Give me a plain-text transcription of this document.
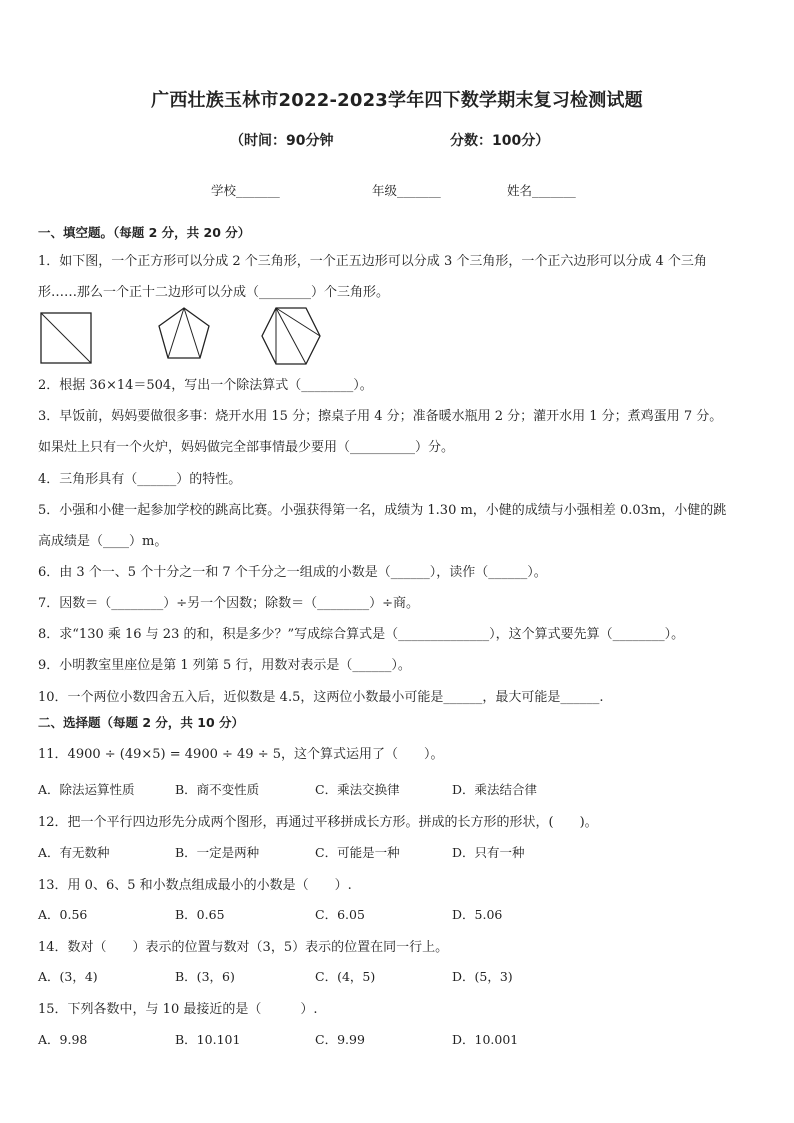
广西壮族玉林市2022-2023学年四下数学期末复习检测试题
（时间：90分钟	分数：100分）
学校_______	年级_______	姓名_______
一、填空题。（每题 2 分，共 20 分）
1．如下图，一个正方形可以分成 2 个三角形，一个正五边形可以分成 3 个三角形，一个正六边形可以分成 4 个三角
形……那么一个正十二边形可以分成（________）个三角形。
2．根据 36×14＝504，写出一个除法算式（________）。
3．早饭前，妈妈要做很多事：烧开水用 15 分；擦桌子用 4 分；准备暖水瓶用 2 分；灌开水用 1 分；煮鸡蛋用 7 分。
如果灶上只有一个火炉，妈妈做完全部事情最少要用（__________）分。
4．三角形具有（______）的特性。
5．小强和小健一起参加学校的跳高比赛。小强获得第一名，成绩为 1.30 m，小健的成绩与小强相差 0.03m，小健的跳
高成绩是（____）m。
6．由 3 个一、5 个十分之一和 7 个千分之一组成的小数是（______），读作（______）。
7．因数＝（________）÷另一个因数；除数＝（________）÷商。
8．求“130 乘 16 与 23 的和，积是多少？”写成综合算式是（______________），这个算式要先算（________）。
9．小明教室里座位是第 1 列第 5 行，用数对表示是（______）。
10．一个两位小数四舍五入后，近似数是 4.5，这两位小数最小可能是______，最大可能是______.
二、选择题（每题 2 分，共 10 分）
11．4900 ÷ (49×5) = 4900 ÷ 49 ÷ 5，这个算式运用了（　　）。
A．除法运算性质	B．商不变性质	C．乘法交换律	D．乘法结合律
12．把一个平行四边形先分成两个图形，再通过平移拼成长方形。拼成的长方形的形状，(　　)。
A．有无数种	B．一定是两种	C．可能是一种	D．只有一种
13．用 0、6、5 和小数点组成最小的小数是（　　）.
A．0.56	B．0.65	C．6.05	D．5.06
14．数对（　　）表示的位置与数对（3，5）表示的位置在同一行上。
A．(3，4)	B．(3，6)	C．(4，5)	D．(5，3)
15．下列各数中，与 10 最接近的是（　　　）.
A．9.98	B．10.101	C．9.99	D．10.001
